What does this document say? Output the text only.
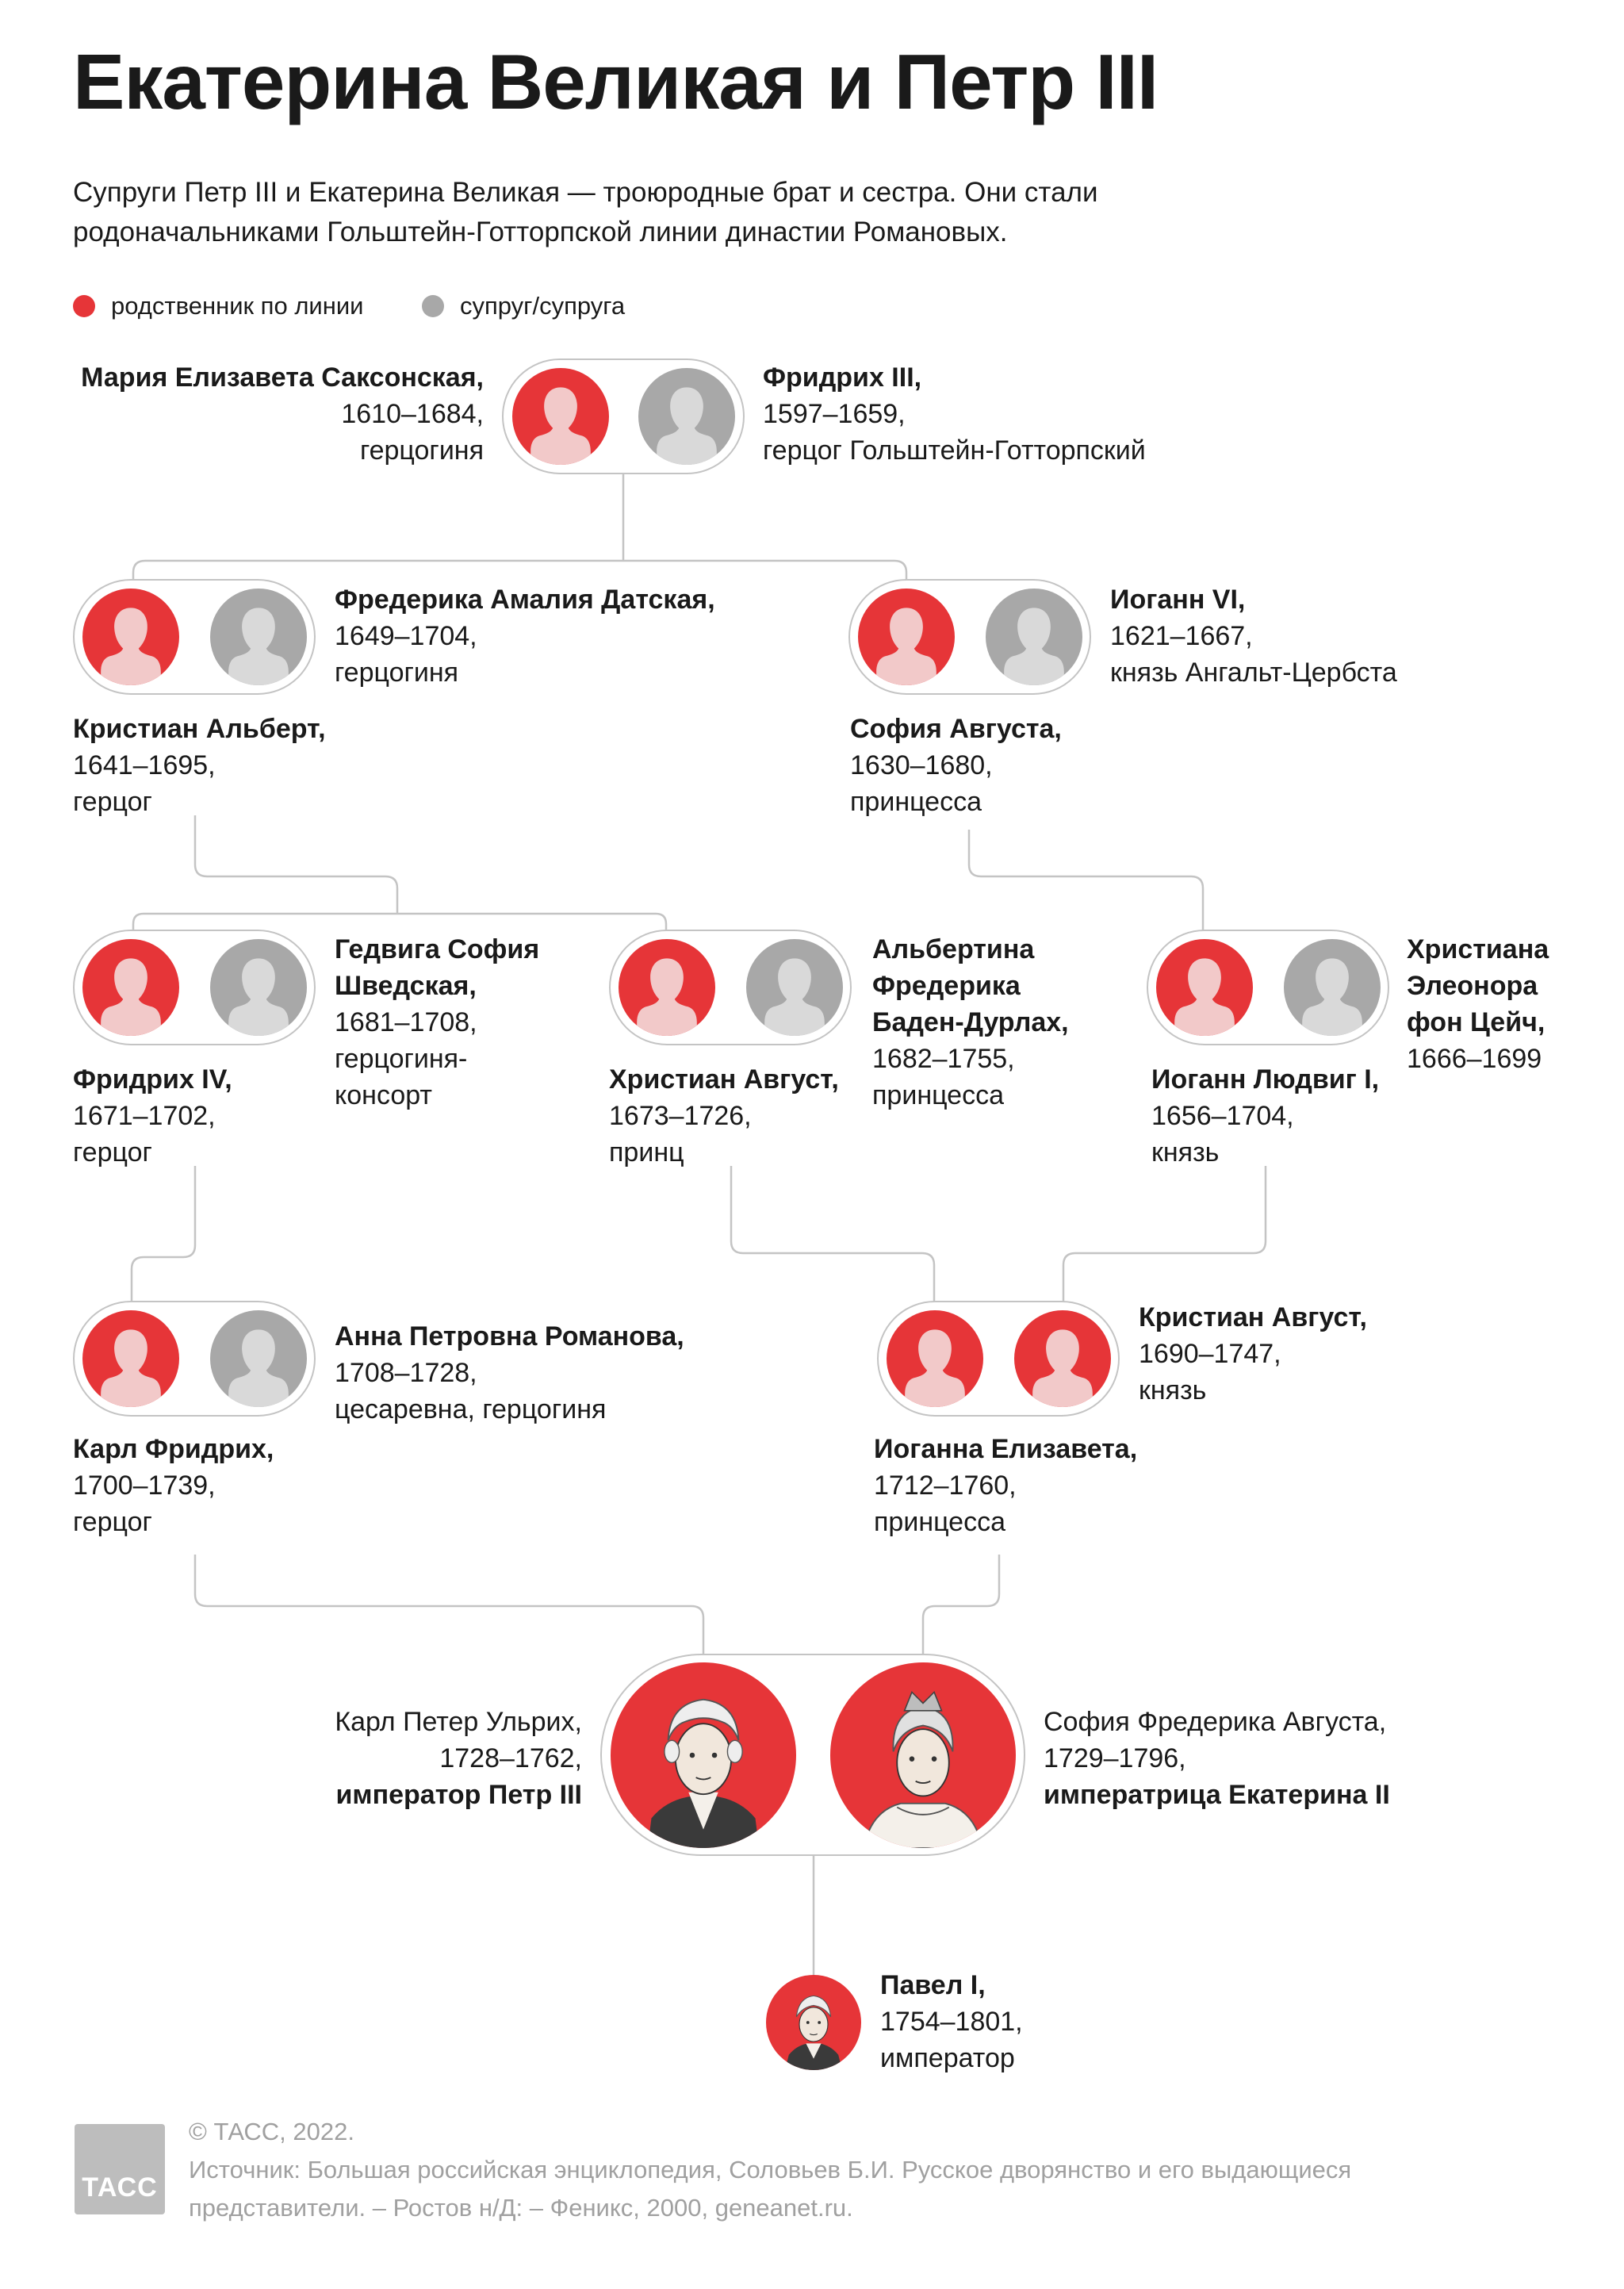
Екатерина Великая и Петр III
Супруги Петр III и Екатерина Великая — троюродные брат и сестра. Они стали
родоначальниками Гольштейн-Готторпской линии династии Романовых.
родственник по линии	супруг/супруга
Мария Елизавета Саксонская,
1610–1684,
герцогиня
Фридрих III,
1597–1659,
герцог Гольштейн-Готторпский
Фредерика Амалия Датская,
1649–1704,
герцогиня
Кристиан Альберт,
1641–1695,
герцог
Иоганн VI,
1621–1667,
князь Ангальт-Цербста
София Августа,
1630–1680,
принцесса
Гедвига София
Шведская,
1681–1708,
герцогиня-
консорт
Фридрих IV,
1671–1702,
герцог
Альбертина
Фредерика
Баден-Дурлах,
1682–1755,
принцесса
Христиан Август,
1673–1726,
принц
Христиана
Элеонора
фон Цейч,
1666–1699
Иоганн Людвиг I,
1656–1704,
князь
Анна Петровна Романова,
1708–1728,
цесаревна, герцогиня
Карл Фридрих,
1700–1739,
герцог
Кристиан Август,
1690–1747,
князь
Иоганна Елизавета,
1712–1760,
принцесса
Карл Петер Ульрих,
1728–1762,
император Петр III
София Фредерика Августа,
1729–1796,
императрица Екатерина II
Павел I,
1754–1801,
император
ТАСС
© ТАСС, 2022.
Источник: Большая российская энциклопедия, Соловьев Б.И. Русское дворянство и его выдающиеся
представители. – Ростов н/Д: – Феникс, 2000, geneanet.ru.
